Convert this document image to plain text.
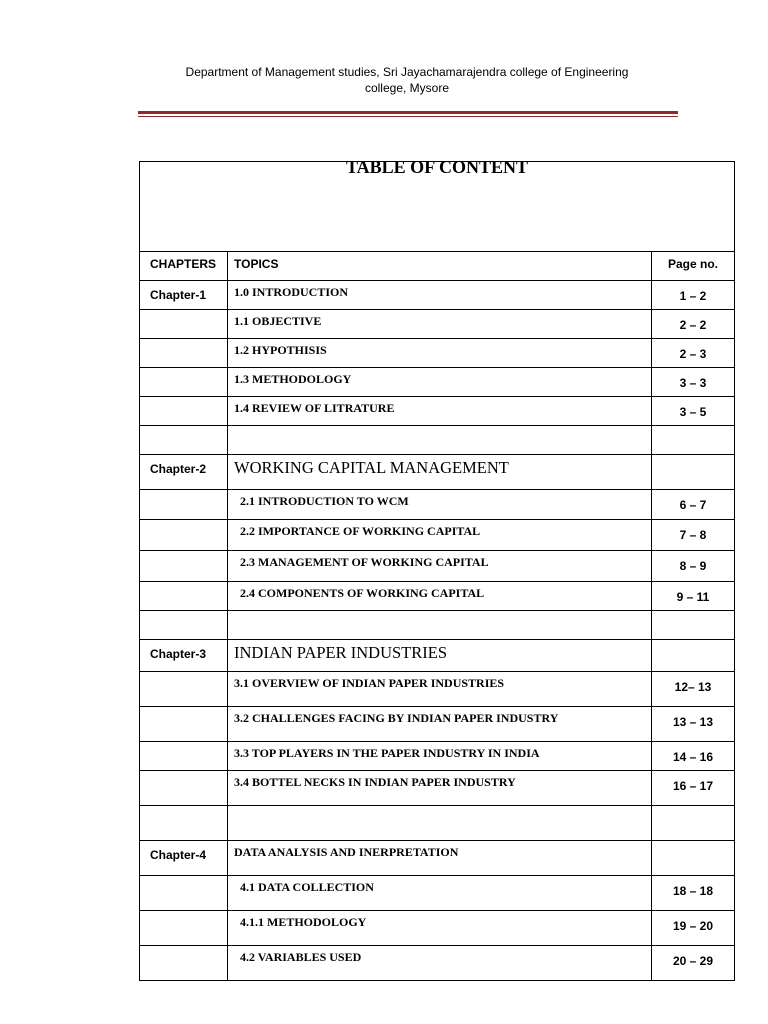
Department of Management studies, Sri Jayachamarajendra college of Engineering
college, Mysore
TABLE OF CONTENT		

CHAPTERS	TOPICS	Page no.

Chapter-1	1.0 INTRODUCTION	1 – 2

	1.1 OBJECTIVE	2 – 2

	1.2 HYPOTHISIS	2 – 3

	1.3 METHODOLOGY	3 – 3

	1.4 REVIEW OF LITRATURE	3 – 5

Chapter-2	WORKING CAPITAL MANAGEMENT	

	2.1 INTRODUCTION TO WCM	6 – 7

	2.2 IMPORTANCE OF WORKING CAPITAL	7 – 8

	2.3 MANAGEMENT OF WORKING CAPITAL	8 – 9

	2.4 COMPONENTS OF WORKING CAPITAL	9 – 11

Chapter-3	INDIAN PAPER INDUSTRIES	

	3.1 OVERVIEW OF INDIAN PAPER INDUSTRIES	12– 13

	3.2 CHALLENGES FACING BY INDIAN PAPER INDUSTRY	13 – 13

	3.3 TOP PLAYERS IN THE PAPER INDUSTRY IN INDIA	14 – 16

	3.4 BOTTEL NECKS IN INDIAN PAPER INDUSTRY	16 – 17

Chapter-4	DATA ANALYSIS AND INERPRETATION	

	4.1 DATA COLLECTION	18 – 18

	4.1.1 METHODOLOGY	19 – 20

	4.2 VARIABLES USED	20 – 29
